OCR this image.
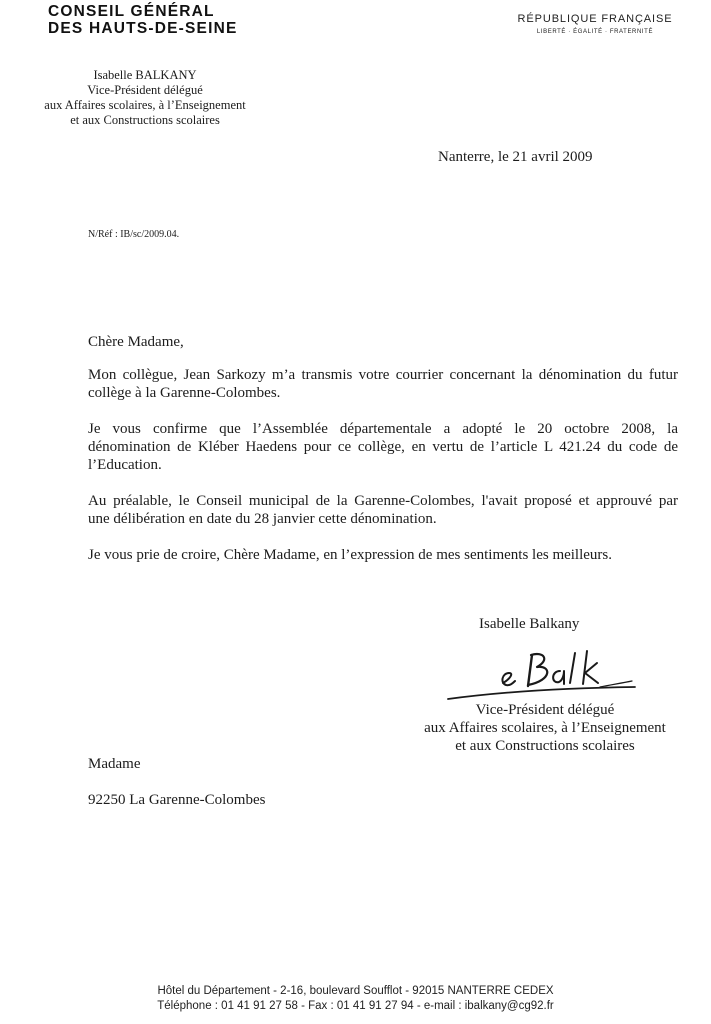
CONSEIL GÉNÉRAL
DES HAUTS-DE-SEINE
RÉPUBLIQUE FRANÇAISE
LIBERTÉ · ÉGALITÉ · FRATERNITÉ
Isabelle BALKANY
Vice-Président délégué
aux Affaires scolaires, à l’Enseignement
et aux Constructions scolaires
Nanterre, le 21 avril 2009
N/Réf : IB/sc/2009.04.
Chère Madame,
Mon collègue, Jean Sarkozy m’a transmis votre courrier concernant la dénomination du futur
collège à la Garenne-Colombes.
Je vous confirme que l’Assemblée départementale a adopté le 20 octobre 2008, la
dénomination de Kléber Haedens pour ce collège, en vertu de l’article L 421.24 du code de
l’Education.
Au préalable, le Conseil municipal de la Garenne-Colombes, l'avait proposé et approuvé par
une délibération en date du 28 janvier cette dénomination.
Je vous prie de croire, Chère Madame, en l’expression de mes sentiments les meilleurs.
Isabelle Balkany
Vice-Président délégué
aux Affaires scolaires, à l’Enseignement
et aux Constructions scolaires
Madame
92250 La Garenne-Colombes
Hôtel du Département - 2-16, boulevard Soufflot - 92015 NANTERRE CEDEX
Téléphone : 01 41 91 27 58 - Fax : 01 41 91 27 94 - e-mail : ibalkany@cg92.fr
